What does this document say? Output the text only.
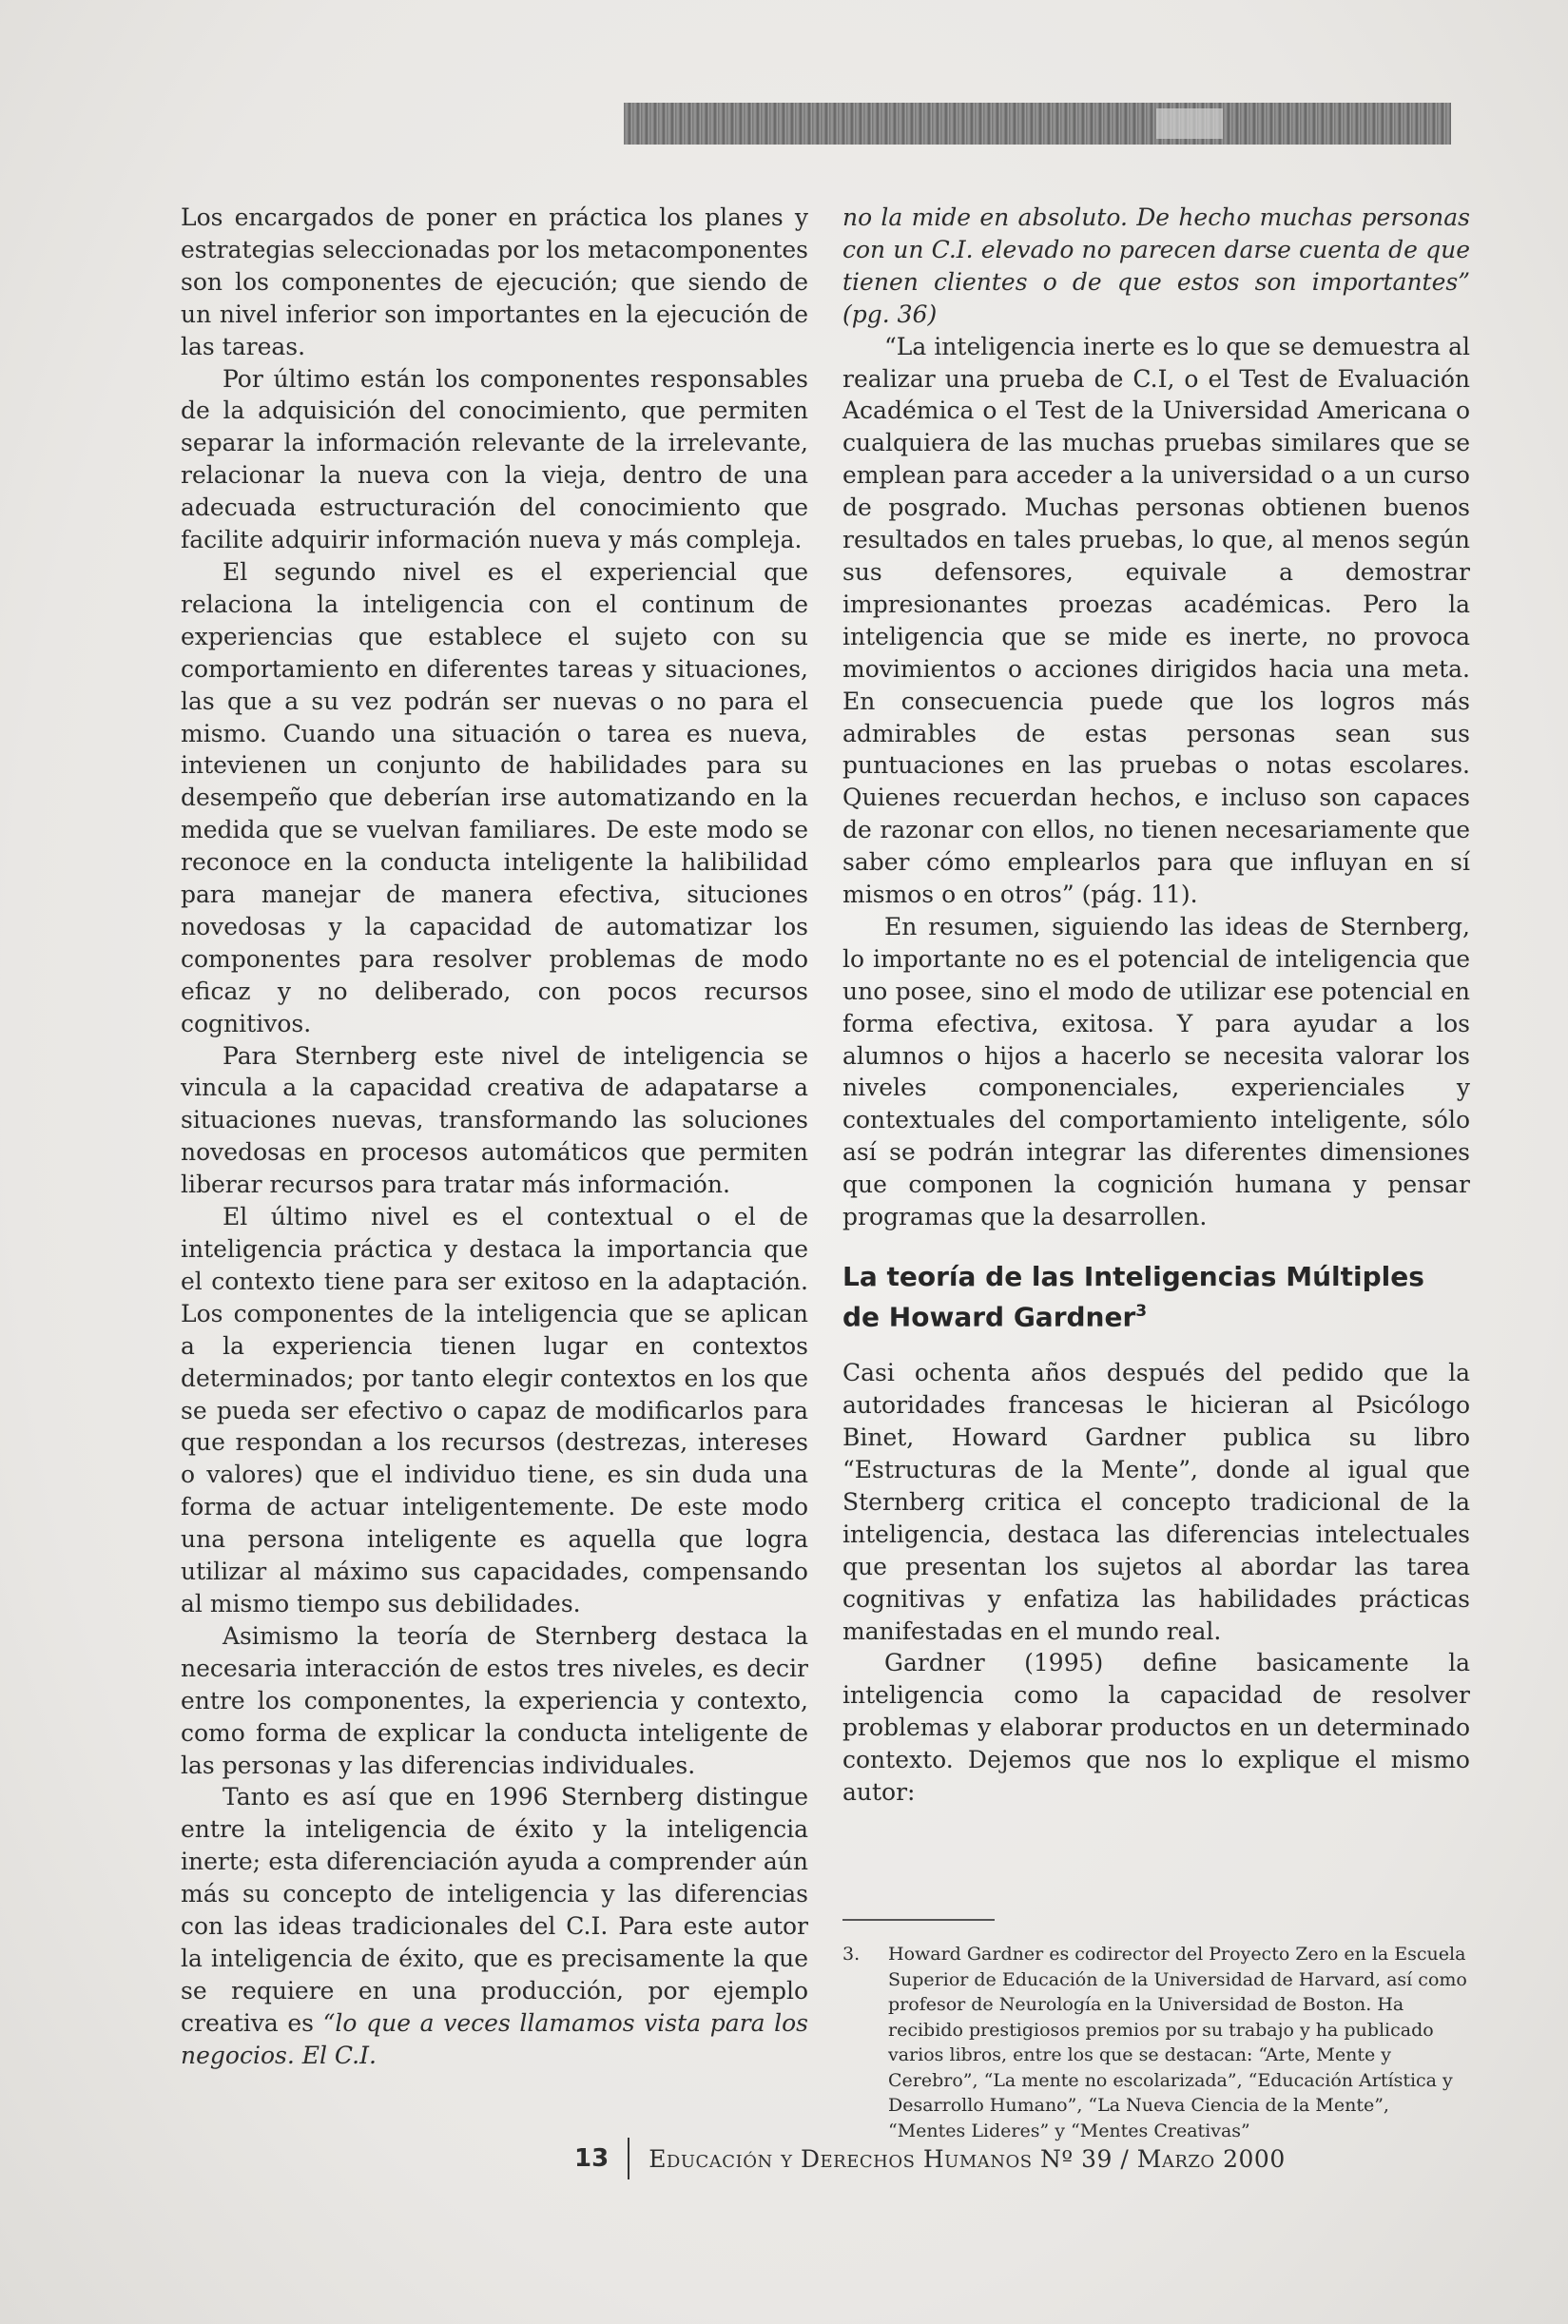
Los encargados de poner en práctica los planes y estrategias seleccionadas por los metacomponentes son los componentes de ejecución; que siendo de un nivel inferior son importantes en la ejecución de las tareas.

Por último están los componentes responsables de la adquisición del conocimiento, que permiten separar la información relevante de la irrelevante, relacionar la nueva con la vieja, dentro de una adecuada estructuración del conocimiento que facilite adquirir información nueva y más compleja.

El segundo nivel es el experiencial que relaciona la inteligencia con el continum de experiencias que establece el sujeto con su comportamiento en diferentes tareas y situaciones, las que a su vez podrán ser nuevas o no para el mismo. Cuando una situación o tarea es nueva, intevienen un conjunto de habilidades para su desempeño que deberían irse automatizando en la medida que se vuelvan familiares. De este modo se reconoce en la conducta inteligente la halibilidad para manejar de manera efectiva, situciones novedosas y la capacidad de automatizar los componentes para resolver problemas de modo eficaz y no deliberado, con pocos recursos cognitivos.

Para Sternberg este nivel de inteligencia se vincula a la capacidad creativa de adapatarse a situaciones nuevas, transformando las soluciones novedosas en procesos automáticos que permiten liberar recursos para tratar más información.

El último nivel es el contextual o el de inteligencia práctica y destaca la importancia que el contexto tiene para ser exitoso en la adaptación. Los componentes de la inteligencia que se aplican a la experiencia tienen lugar en contextos determinados; por tanto elegir contextos en los que se pueda ser efectivo o capaz de modificarlos para que respondan a los recursos (destrezas, intereses o valores) que el individuo tiene, es sin duda una forma de actuar inteligentemente. De este modo una persona inteligente es aquella que logra utilizar al máximo sus capacidades, compensando al mismo tiempo sus debilidades.

Asimismo la teoría de Sternberg destaca la necesaria interacción de estos tres niveles, es decir entre los componentes, la experiencia y contexto, como forma de explicar la conducta inteligente de las personas y las diferencias individuales.

Tanto es así que en 1996 Sternberg distingue entre la inteligencia de éxito y la inteligencia inerte; esta diferenciación ayuda a comprender aún más su concepto de inteligencia y las diferencias con las ideas tradicionales del C.I. Para este autor la inteligencia de éxito, que es precisamente la que se requiere en una producción, por ejemplo creativa es “lo que a veces llamamos vista para los negocios. El C.I.

no la mide en absoluto. De hecho muchas personas con un C.I. elevado no parecen darse cuenta de que tienen clientes o de que estos son importantes” (pg. 36)

“La inteligencia inerte es lo que se demuestra al realizar una prueba de C.I, o el Test de Evaluación Académica o el Test de la Universidad Americana o cualquiera de las muchas pruebas similares que se emplean para acceder a la universidad o a un curso de posgrado. Muchas personas obtienen buenos resultados en tales pruebas, lo que, al menos según sus defensores, equivale a demostrar impresionantes proezas académicas. Pero la inteligencia que se mide es inerte, no provoca movimientos o acciones dirigidos hacia una meta. En consecuencia puede que los logros más admirables de estas personas sean sus puntuaciones en las pruebas o notas escolares. Quienes recuerdan hechos, e incluso son capaces de razonar con ellos, no tienen necesariamente que saber cómo emplearlos para que influyan en sí mismos o en otros” (pág. 11).

En resumen, siguiendo las ideas de Sternberg, lo importante no es el potencial de inteligencia que uno posee, sino el modo de utilizar ese potencial en forma efectiva, exitosa. Y para ayudar a los alumnos o hijos a hacerlo se necesita valorar los niveles componenciales, experienciales y contextuales del comportamiento inteligente, sólo así se podrán integrar las diferentes dimensiones que componen la cognición humana y pensar programas que la desarrollen.

La teoría de las Inteligencias Múltiples de Howard Gardner$^3$

Casi ochenta años después del pedido que la autoridades francesas le hicieran al Psicólogo Binet, Howard Gardner publica su libro “Estructuras de la Mente”, donde al igual que Sternberg critica el concepto tradicional de la inteligencia, destaca las diferencias intelectuales que presentan los sujetos al abordar las tarea cognitivas y enfatiza las habilidades prácticas manifestadas en el mundo real.

Gardner (1995) define basicamente la inteligencia como la capacidad de resolver problemas y elaborar productos en un determinado contexto. Dejemos que nos lo explique el mismo autor:

3.	Howard Gardner es codirector del Proyecto Zero en la Escuela Superior de Educación de la Universidad de Harvard, así como profesor de Neurología en la Universidad de Boston. Ha recibido prestigiosos premios por su trabajo y ha publicado varios libros, entre los que se destacan: “Arte, Mente y Cerebro”, “La mente no escolarizada”, “Educación Artística y Desarrollo Humano”, “La Nueva Ciencia de la Mente”, “Mentes Lideres” y “Mentes Creativas”
13 Educación y Derechos Humanos Nº 39 / Marzo 2000
